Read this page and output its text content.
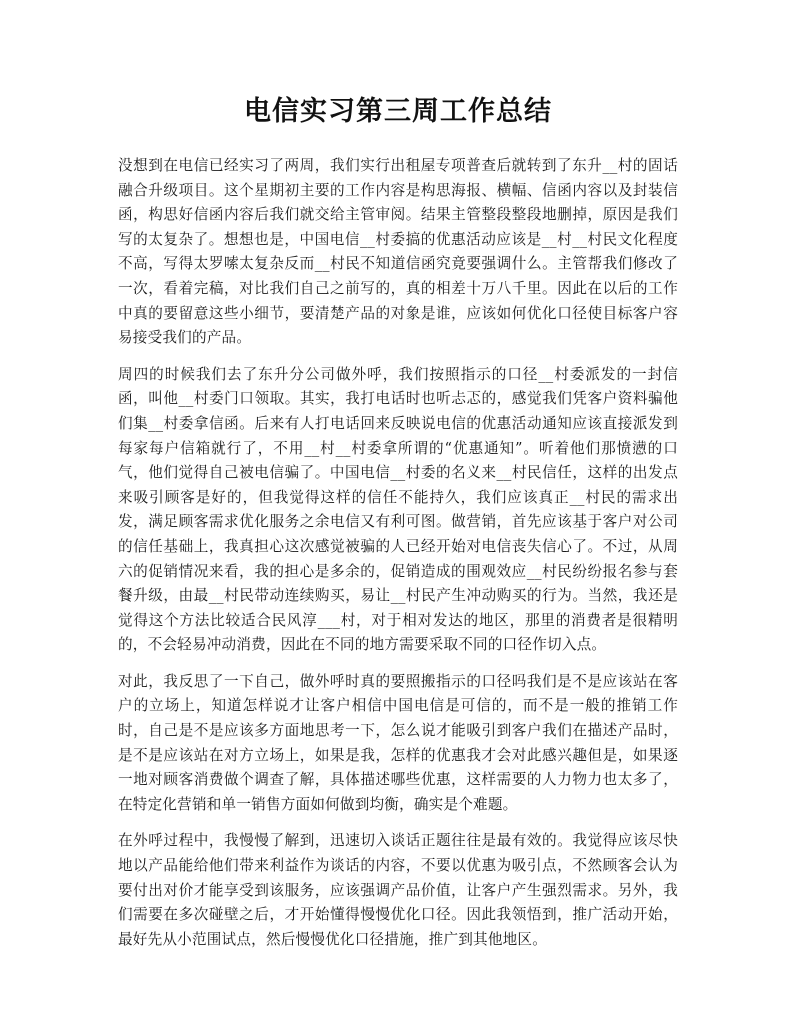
电信实习第三周工作总结

没想到在电信已经实习了两周，我们实行出租屋专项普查后就转到了东升__村的固话融合升级项目。这个星期初主要的工作内容是构思海报、横幅、信函内容以及封装信函，构思好信函内容后我们就交给主管审阅。结果主管整段整段地删掉，原因是我们写的太复杂了。想想也是，中国电信__村委搞的优惠活动应该是__村__村民文化程度不高，写得太罗嗦太复杂反而__村民不知道信函究竟要强调什么。主管帮我们修改了一次，看着完稿，对比我们自己之前写的，真的相差十万八千里。因此在以后的工作中真的要留意这些小细节，要清楚产品的对象是谁，应该如何优化口径使目标客户容易接受我们的产品。

周四的时候我们去了东升分公司做外呼，我们按照指示的口径__村委派发的一封信函，叫他__村委门口领取。其实，我打电话时也听忐忑的，感觉我们凭客户资料骗他们集__村委拿信函。后来有人打电话回来反映说电信的优惠活动通知应该直接派发到每家每户信箱就行了，不用__村__村委拿所谓的“优惠通知”。听着他们那愤懑的口气，他们觉得自己被电信骗了。中国电信__村委的名义来__村民信任，这样的出发点来吸引顾客是好的，但我觉得这样的信任不能持久，我们应该真正__村民的需求出发，满足顾客需求优化服务之余电信又有利可图。做营销，首先应该基于客户对公司的信任基础上，我真担心这次感觉被骗的人已经开始对电信丧失信心了。不过，从周六的促销情况来看，我的担心是多余的，促销造成的围观效应__村民纷纷报名参与套餐升级，由最__村民带动连续购买，易让__村民产生冲动购买的行为。当然，我还是觉得这个方法比较适合民风淳___村，对于相对发达的地区，那里的消费者是很精明的，不会轻易冲动消费，因此在不同的地方需要采取不同的口径作切入点。

对此，我反思了一下自己，做外呼时真的要照搬指示的口径吗我们是不是应该站在客户的立场上，知道怎样说才让客户相信中国电信是可信的，而不是一般的推销工作时，自己是不是应该多方面地思考一下，怎么说才能吸引到客户我们在描述产品时，是不是应该站在对方立场上，如果是我，怎样的优惠我才会对此感兴趣但是，如果逐一地对顾客消费做个调查了解，具体描述哪些优惠，这样需要的人力物力也太多了，在特定化营销和单一销售方面如何做到均衡，确实是个难题。

在外呼过程中，我慢慢了解到，迅速切入谈话正题往往是最有效的。我觉得应该尽快地以产品能给他们带来利益作为谈话的内容，不要以优惠为吸引点，不然顾客会认为要付出对价才能享受到该服务，应该强调产品价值，让客户产生强烈需求。另外，我们需要在多次碰壁之后，才开始懂得慢慢优化口径。因此我领悟到，推广活动开始，最好先从小范围试点，然后慢慢优化口径措施，推广到其他地区。
